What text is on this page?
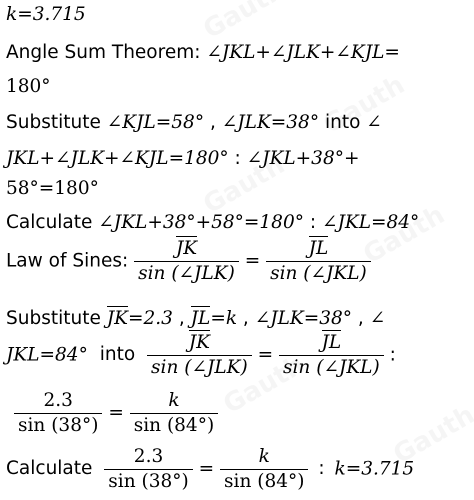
k=3.715
Angle Sum Theorem: ∠JKL+∠JLK+∠KJL=
180°
Substitute ∠KJL=58° , ∠JLK=38° into ∠
JKL+∠JLK+∠KJL=180° : ∠JKL+38°+
58°=180°
Calculate ∠JKL+38°+58°=180° : ∠JKL=84°
Law of Sines: $\frac{JK}{\text{sin (∠JLK)}} = \frac{JL}{\text{sin (∠JKL)}}$
Substitute JK=2.3 , JL=k , ∠JLK=38° , ∠
JKL=84° into $\frac{JK}{\text{sin (∠JLK)}} = \frac{JL}{\text{sin (∠JKL)}}$ :
$\frac{2.3}{\sin (38^\circ)} = \frac{k}{\sin (84^\circ)}$
Calculate $\frac{2.3}{\sin (38^\circ)} = \frac{k}{\sin (84^\circ)}$ : k=3.715
